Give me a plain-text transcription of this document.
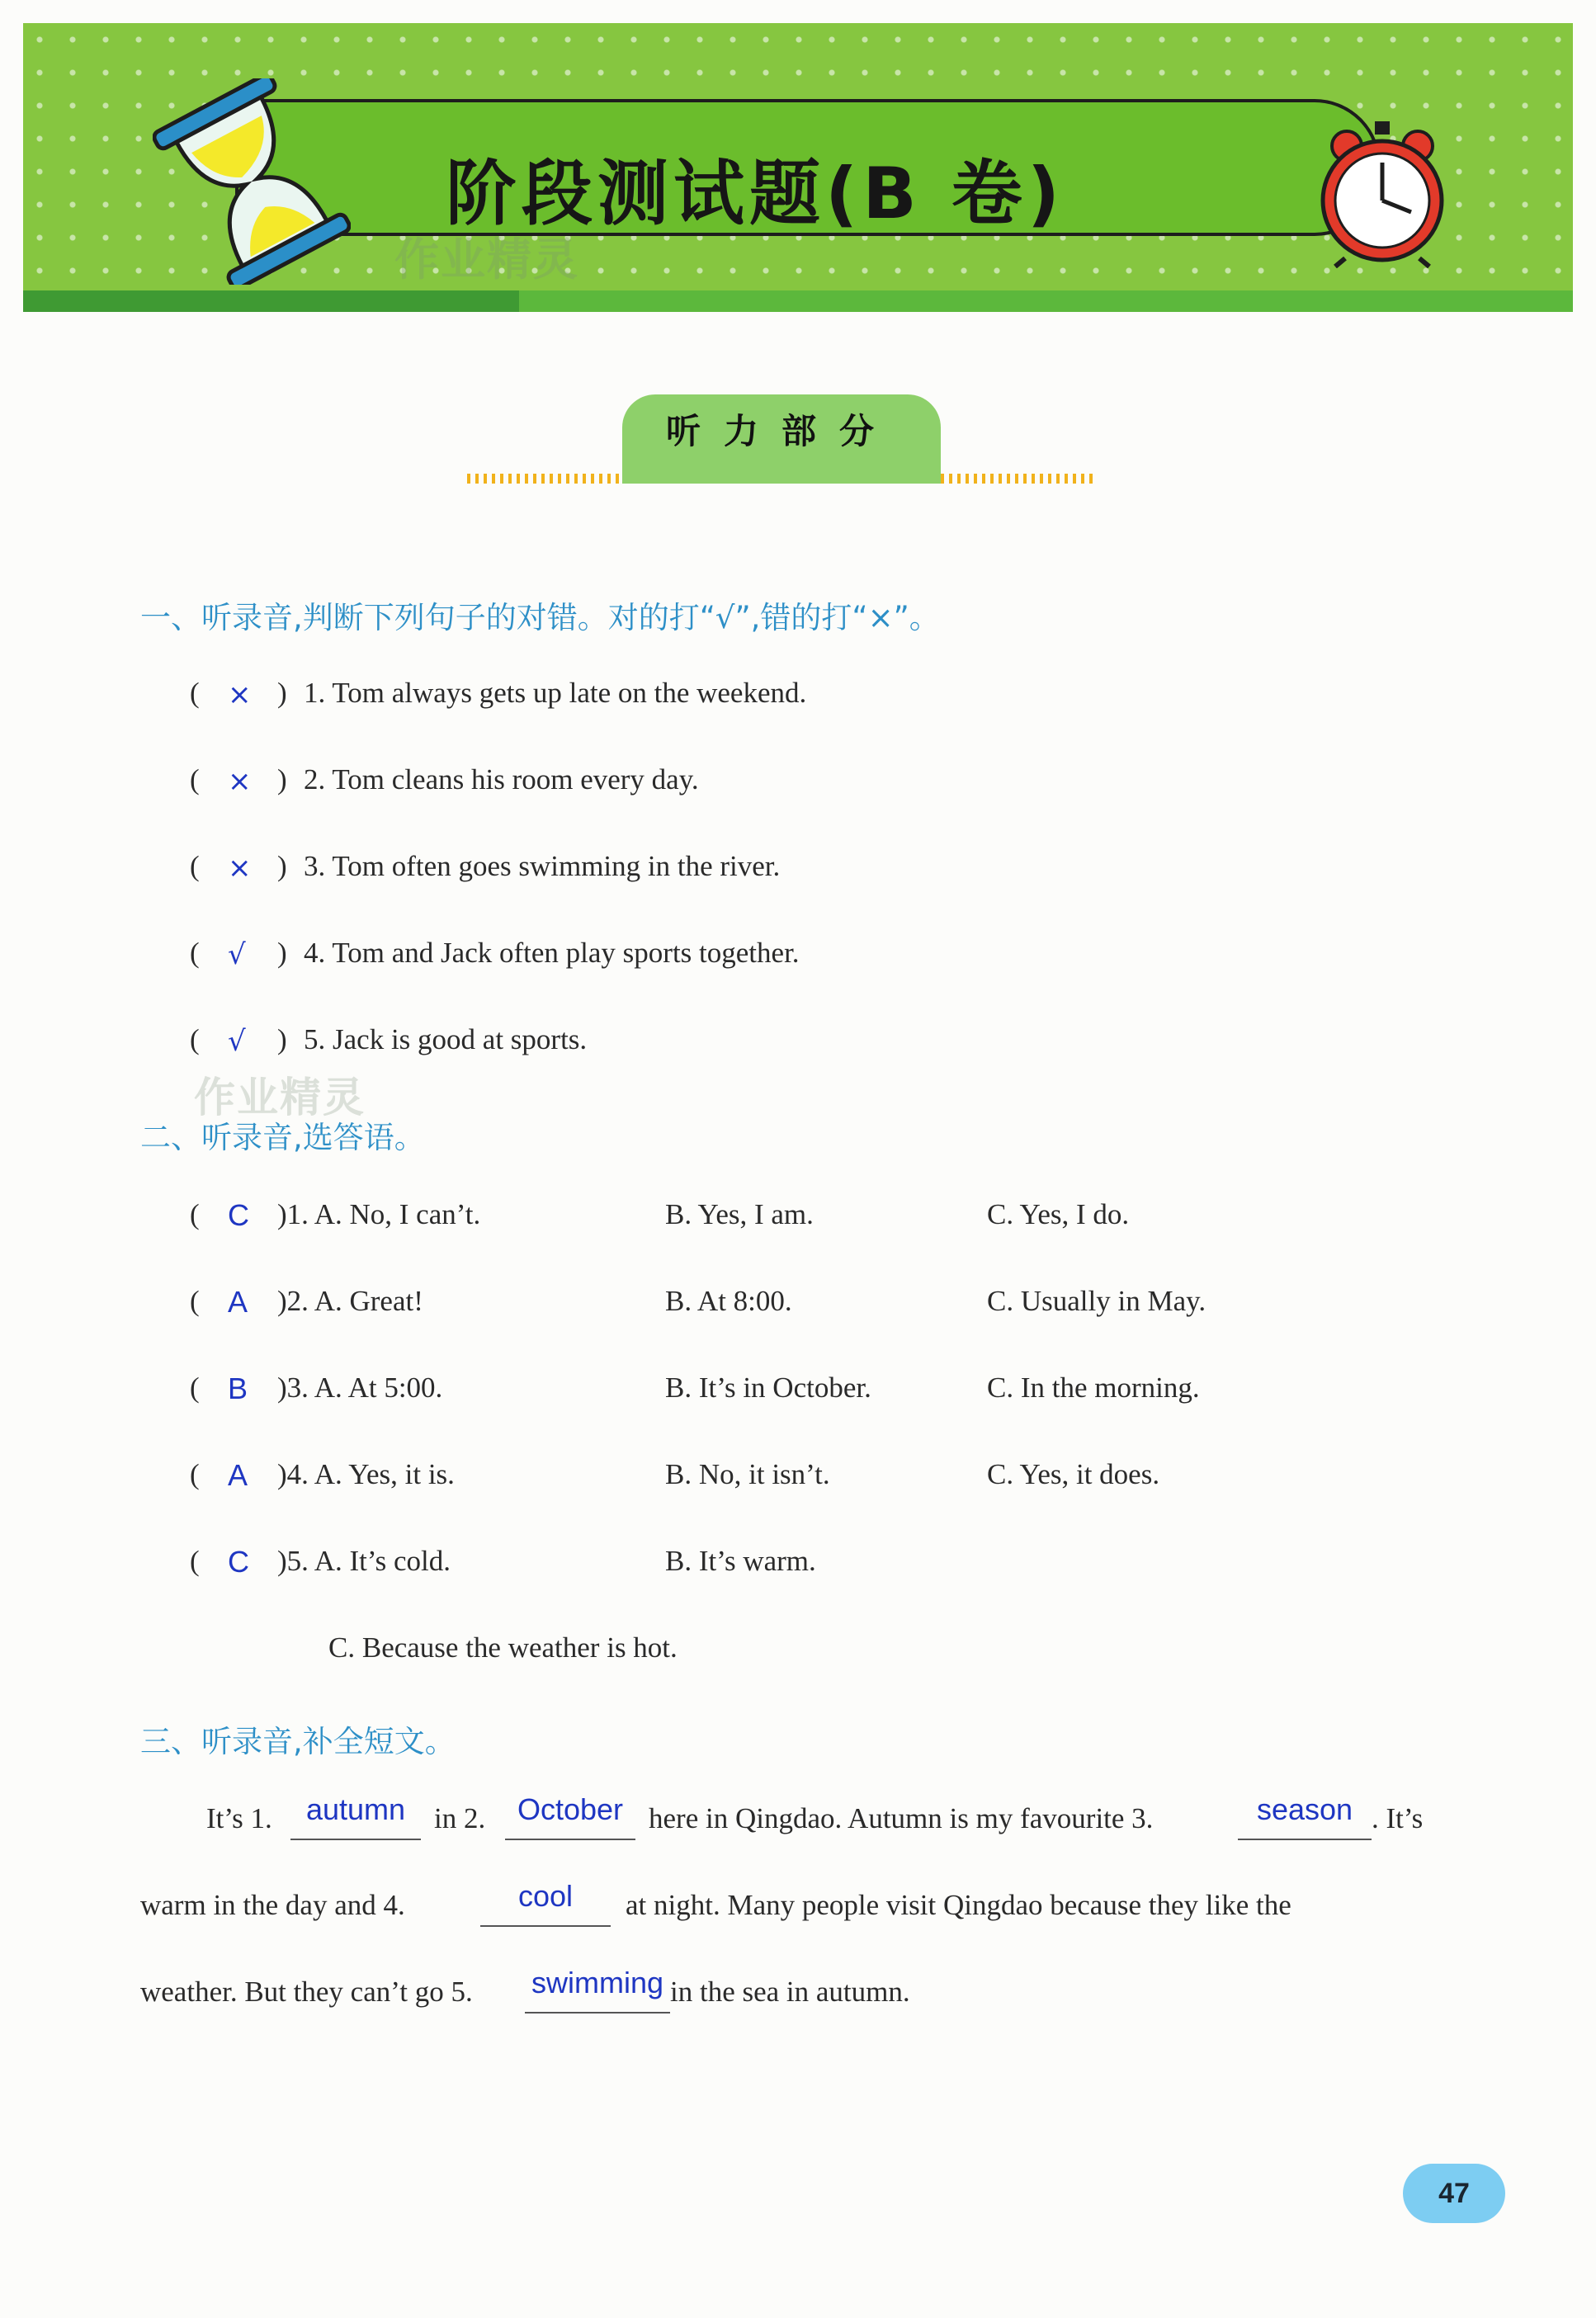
阶段测试题(B 卷)
作业精灵
听力部分
一、听录音,判断下列句子的对错。对的打“√”,错的打“×”。
( × ) 1. Tom always gets up late on the weekend.
( × ) 2. Tom cleans his room every day.
( × ) 3. Tom often goes swimming in the river.
( √ ) 4. Tom and Jack often play sports together.
( √ ) 5. Jack is good at sports.
作业精灵
二、听录音,选答语。
( C )1. A. No, I can’t.	B. Yes, I am.	C. Yes, I do.
( A )2. A. Great!	B. At 8:00.	C. Usually in May.
( B )3. A. At 5:00.	B. It’s in October.	C. In the morning.
( A )4. A. Yes, it is.	B. No, it isn’t.	C. Yes, it does.
( C )5. A. It’s cold.	B. It’s warm.
C. Because the weather is hot.
三、听录音,补全短文。
It’s 1.	autumn in 2.	October here in Qingdao. Autumn is my favourite 3.	season . It’s
warm in the day and 4.	cool	at night. Many people visit Qingdao because they like the
weather. But they can’t go 5. swimming in the sea in autumn.
47
